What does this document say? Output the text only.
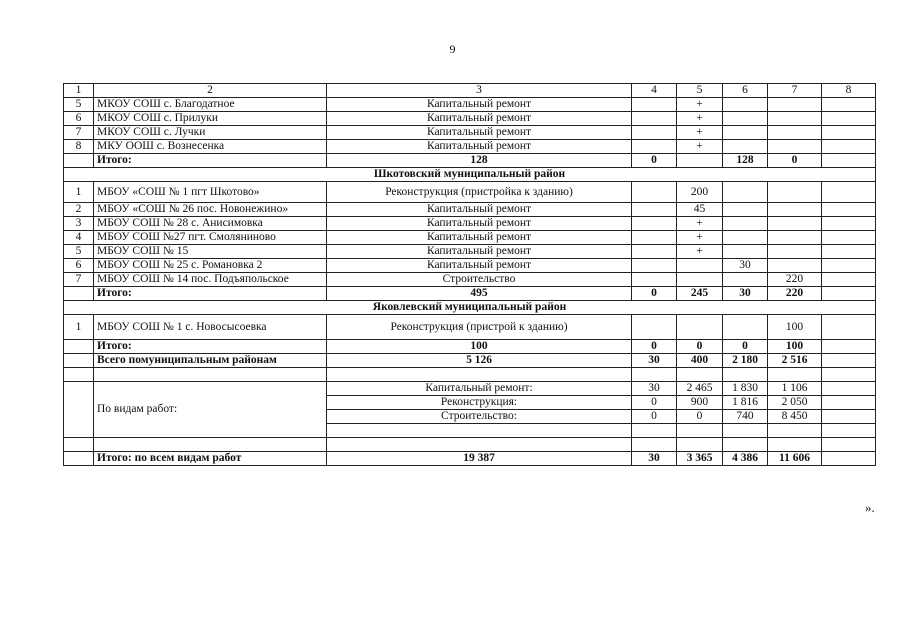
9
1	2	3	4	5	6	7	8
5	МКОУ СОШ с. Благодатное	Капитальный ремонт		+			
6	МКОУ СОШ с. Прилуки	Капитальный ремонт		+			
7	МКОУ СОШ с. Лучки	Капитальный ремонт		+			
8	МКУ ООШ с. Вознесенка	Капитальный ремонт		+			
	Итого:	128	0		128	0	
Шкотовский муниципальный район							
1	МБОУ «СОШ № 1 пгт Шкотово»	Реконструкция (пристройка к зданию)		200			
2	МБОУ «СОШ № 26 пос. Новонежино»	Капитальный ремонт		45			
3	МБОУ СОШ № 28 с. Анисимовка	Капитальный ремонт		+			
4	МБОУ СОШ №27 пгт. Смоляниново	Капитальный ремонт		+			
5	МБОУ СОШ № 15	Капитальный ремонт		+			
6	МБОУ СОШ № 25 с. Романовка 2	Капитальный ремонт			30		
7	МБОУ СОШ № 14 пос. Подъяпольское	Строительство				220	
	Итого:	495	0	245	30	220	
Яковлевский муниципальный район							
1	МБОУ СОШ № 1 с. Новосысоевка	Реконструкция (пристрой к зданию)				100	
	Итого:	100	0	0	0	100	
	Всего помуниципальным районам	5 126	30	400	2 180	2 516	

	По видам работ:	Капитальный ремонт:	30	2 465	1 830	1 106	
		Реконструкция:	0	900	1 816	2 050	
		Строительство:	0	0	740	8 450	

	Итого: по всем видам работ	19 387	30	3 365	4 386	11 606	
».
